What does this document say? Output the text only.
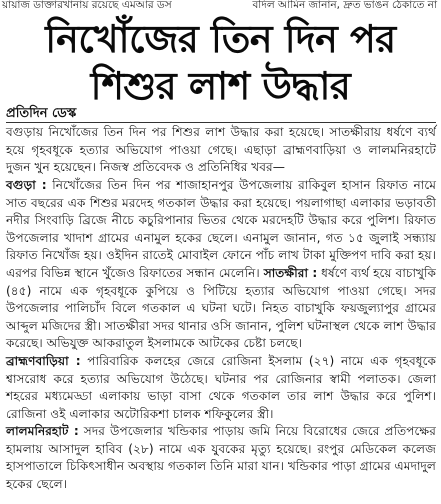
য়ায়াজ ডাক্তারখানায় রয়েছে এমআর ডস	বদিল আমিন জানান, দ্রুত ভাঙন ঠেকাতে না
নিখোঁজের তিন দিন পর
শিশুর লাশ উদ্ধার
প্রতিদিন ডেস্ক

বগুড়ায় নিখোঁজের তিন দিন পর শিশুর লাশ উদ্ধার করা হয়েছে। সাতক্ষীরায় ধর্ষণে ব্যর্থ হয়ে গৃহবধূকে হত্যার অভিযোগ পাওয়া গেছে। এছাড়া ব্রাহ্মণবাড়িয়া ও লালমনিরহাটে দুজন খুন হয়েছেন। নিজস্ব প্রতিবেদক ও প্রতিনিধির খবর—

বগুড়া : নিখোঁজের তিন দিন পর শাজাহানপুর উপজেলায় রাকিবুল হাসান রিফাত নামে সাত বছরের এক শিশুর মরদেহ গতকাল উদ্ধার করা হয়েছে। পয়লাগাছা এলাকার ভড়াবতী নদীর সিংবাড়ি ব্রিজে নীচে কচুরিপানার ভিতর থেকে মরদেহটি উদ্ধার করে পুলিশ। রিফাত উপজেলার খাদাশ গ্রামের এনামুল হকের ছেলে। এনামুল জানান, গত ১৫ জুলাই সন্ধ্যায় রিফাত নিখোঁজ হয়। ওইদিন রাতেই মোবাইল ফোনে পাঁচ লাখ টাকা মুক্তিপণ দাবি করা হয়। এরপর বিভিন্ন স্থানে খুঁজেও রিফাতের সন্ধান মেলেনি। সাতক্ষীরা : ধর্ষণে ব্যর্থ হয়ে বাচাখুকি (৪৫) নামে এক গৃহবধূকে কুপিয়ে ও পিটিয়ে হত্যার অভিযোগ পাওয়া গেছে। সদর উপজেলার পালিচাঁদ বিলে গতকাল এ ঘটনা ঘটে। নিহত বাচাখুকি ফয়জুল্যাপুর গ্রামের আব্দুল মজিদের স্ত্রী। সাতক্ষীরা সদর থানার ওসি জানান, পুলিশ ঘটনাস্থল থেকে লাশ উদ্ধার করেছে। অভিযুক্ত আকরাতুল ইসলামকে আটকের চেষ্টা চলছে।

ব্রাহ্মণবাড়িয়া : পারিবারিক কলহের জেরে রোজিনা ইসলাম (২৭) নামে এক গৃহবধূকে শ্বাসরোধ করে হত্যার অভিযোগ উঠেছে। ঘটনার পর রোজিনার স্বামী পলাতক। জেলা শহরের মধ্যমেড্ডা এলাকায় ভাড়া বাসা থেকে গতকাল তার লাশ উদ্ধার করে পুলিশ। রোজিনা ওই এলাকার অটোরিকশা চালক শফিকুলের স্ত্রী।

লালমনিরহাট : সদর উপজেলার খন্ডিকার পাড়ায় জমি নিয়ে বিরোধের জেরে প্রতিপক্ষের হামলায় আসাদুল হাবিব (২৮) নামে এক যুবকের মৃত্যু হয়েছে। রংপুর মেডিকেল কলেজ হাসপাতালে চিকিৎসাধীন অবস্থায় গতকাল তিনি মারা যান। খন্ডিকার পাড়া গ্রামের এমদাদুল হকের ছেলে।
